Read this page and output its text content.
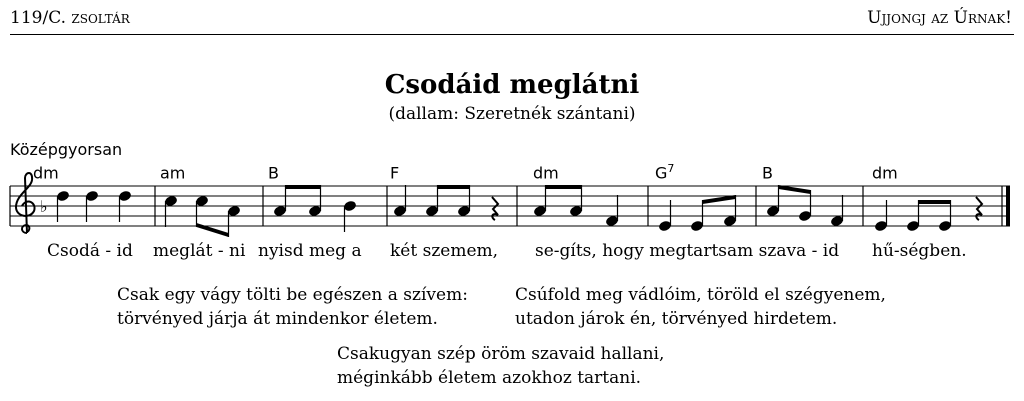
119/C. zsoltár	Ujjongj az Úrnak!
Csodáid meglátni
(dallam: Szeretnék szántani)
Középgyorsan
dm	am	B	F	dm	$G^7$	B	dm
♭
Csodá - id meglát - ni nyisd meg a két szemem, se-gíts, hogy megtartsam szava - id hű-ségben.
Csak egy vágy tölti be egészen a szívem:
törvényed járja át mindenkor életem.
Csúfold meg vádlóim, töröld el szégyenem,
utadon járok én, törvényed hirdetem.
Csakugyan szép öröm szavaid hallani,
méginkább életem azokhoz tartani.
